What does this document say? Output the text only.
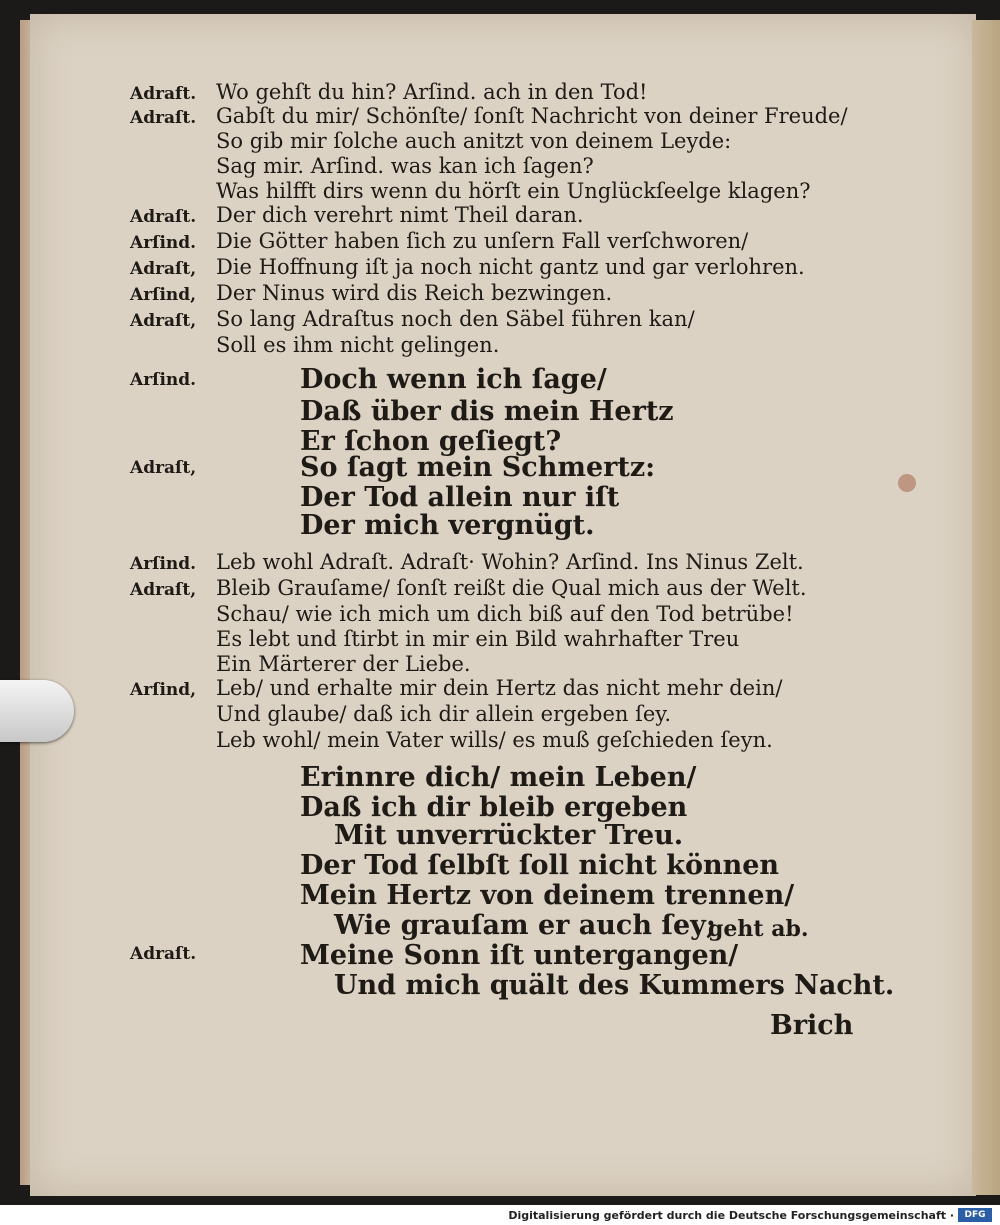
Adraft.
Adraſt.
Adraſt.
Arſind.
Adraſt,
Arſind,
Adraſt,
Arſind.
Adraſt,
Arſind.
Adraſt,
Arſind,
Adraſt.
Wo gehſt du hin? Arſind. ach in den Tod!
Gabſt du mir/ Schönſte/ ſonſt Nachricht von deiner Freude/
So gib mir ſolche auch anitzt von deinem Leyde:
Sag mir. Arſind. was kan ich ſagen?
Was hilfft dirs wenn du hörſt ein Unglückſeelge klagen?
Der dich verehrt nimt Theil daran.
Die Götter haben ſich zu unſern Fall verſchworen/
Die Hoffnung iſt ja noch nicht gantz und gar verlohren.
Der Ninus wird dis Reich bezwingen.
So lang Adraſtus noch den Säbel führen kan/
Soll es ihm nicht gelingen.
Doch wenn ich ſage/
Daß über dis mein Hertz
Er ſchon geſiegt?
So ſagt mein Schmertz:
Der Tod allein nur iſt
Der mich vergnügt.
Leb wohl Adraſt. Adraſt· Wohin? Arſind. Ins Ninus Zelt.
Bleib Grauſame/ ſonſt reißt die Qual mich aus der Welt.
Schau/ wie ich mich um dich biß auf den Tod betrübe!
Es lebt und ſtirbt in mir ein Bild wahrhafter Treu
Ein Märterer der Liebe.
Leb/ und erhalte mir dein Hertz das nicht mehr dein/
Und glaube/ daß ich dir allein ergeben ſey.
Leb wohl/ mein Vater wills/ es muß geſchieden ſeyn.
Erinnre dich/ mein Leben/
Daß ich dir bleib ergeben
Mit unverrückter Treu.
Der Tod ſelbſt ſoll nicht können
Mein Hertz von deinem trennen/
Wie grauſam er auch ſey;
geht ab.
Meine Sonn iſt untergangen/
Und mich quält des Kummers Nacht.
Brich
Digitalisierung gefördert durch die Deutsche Forschungsgemeinschaft ·	DFG
